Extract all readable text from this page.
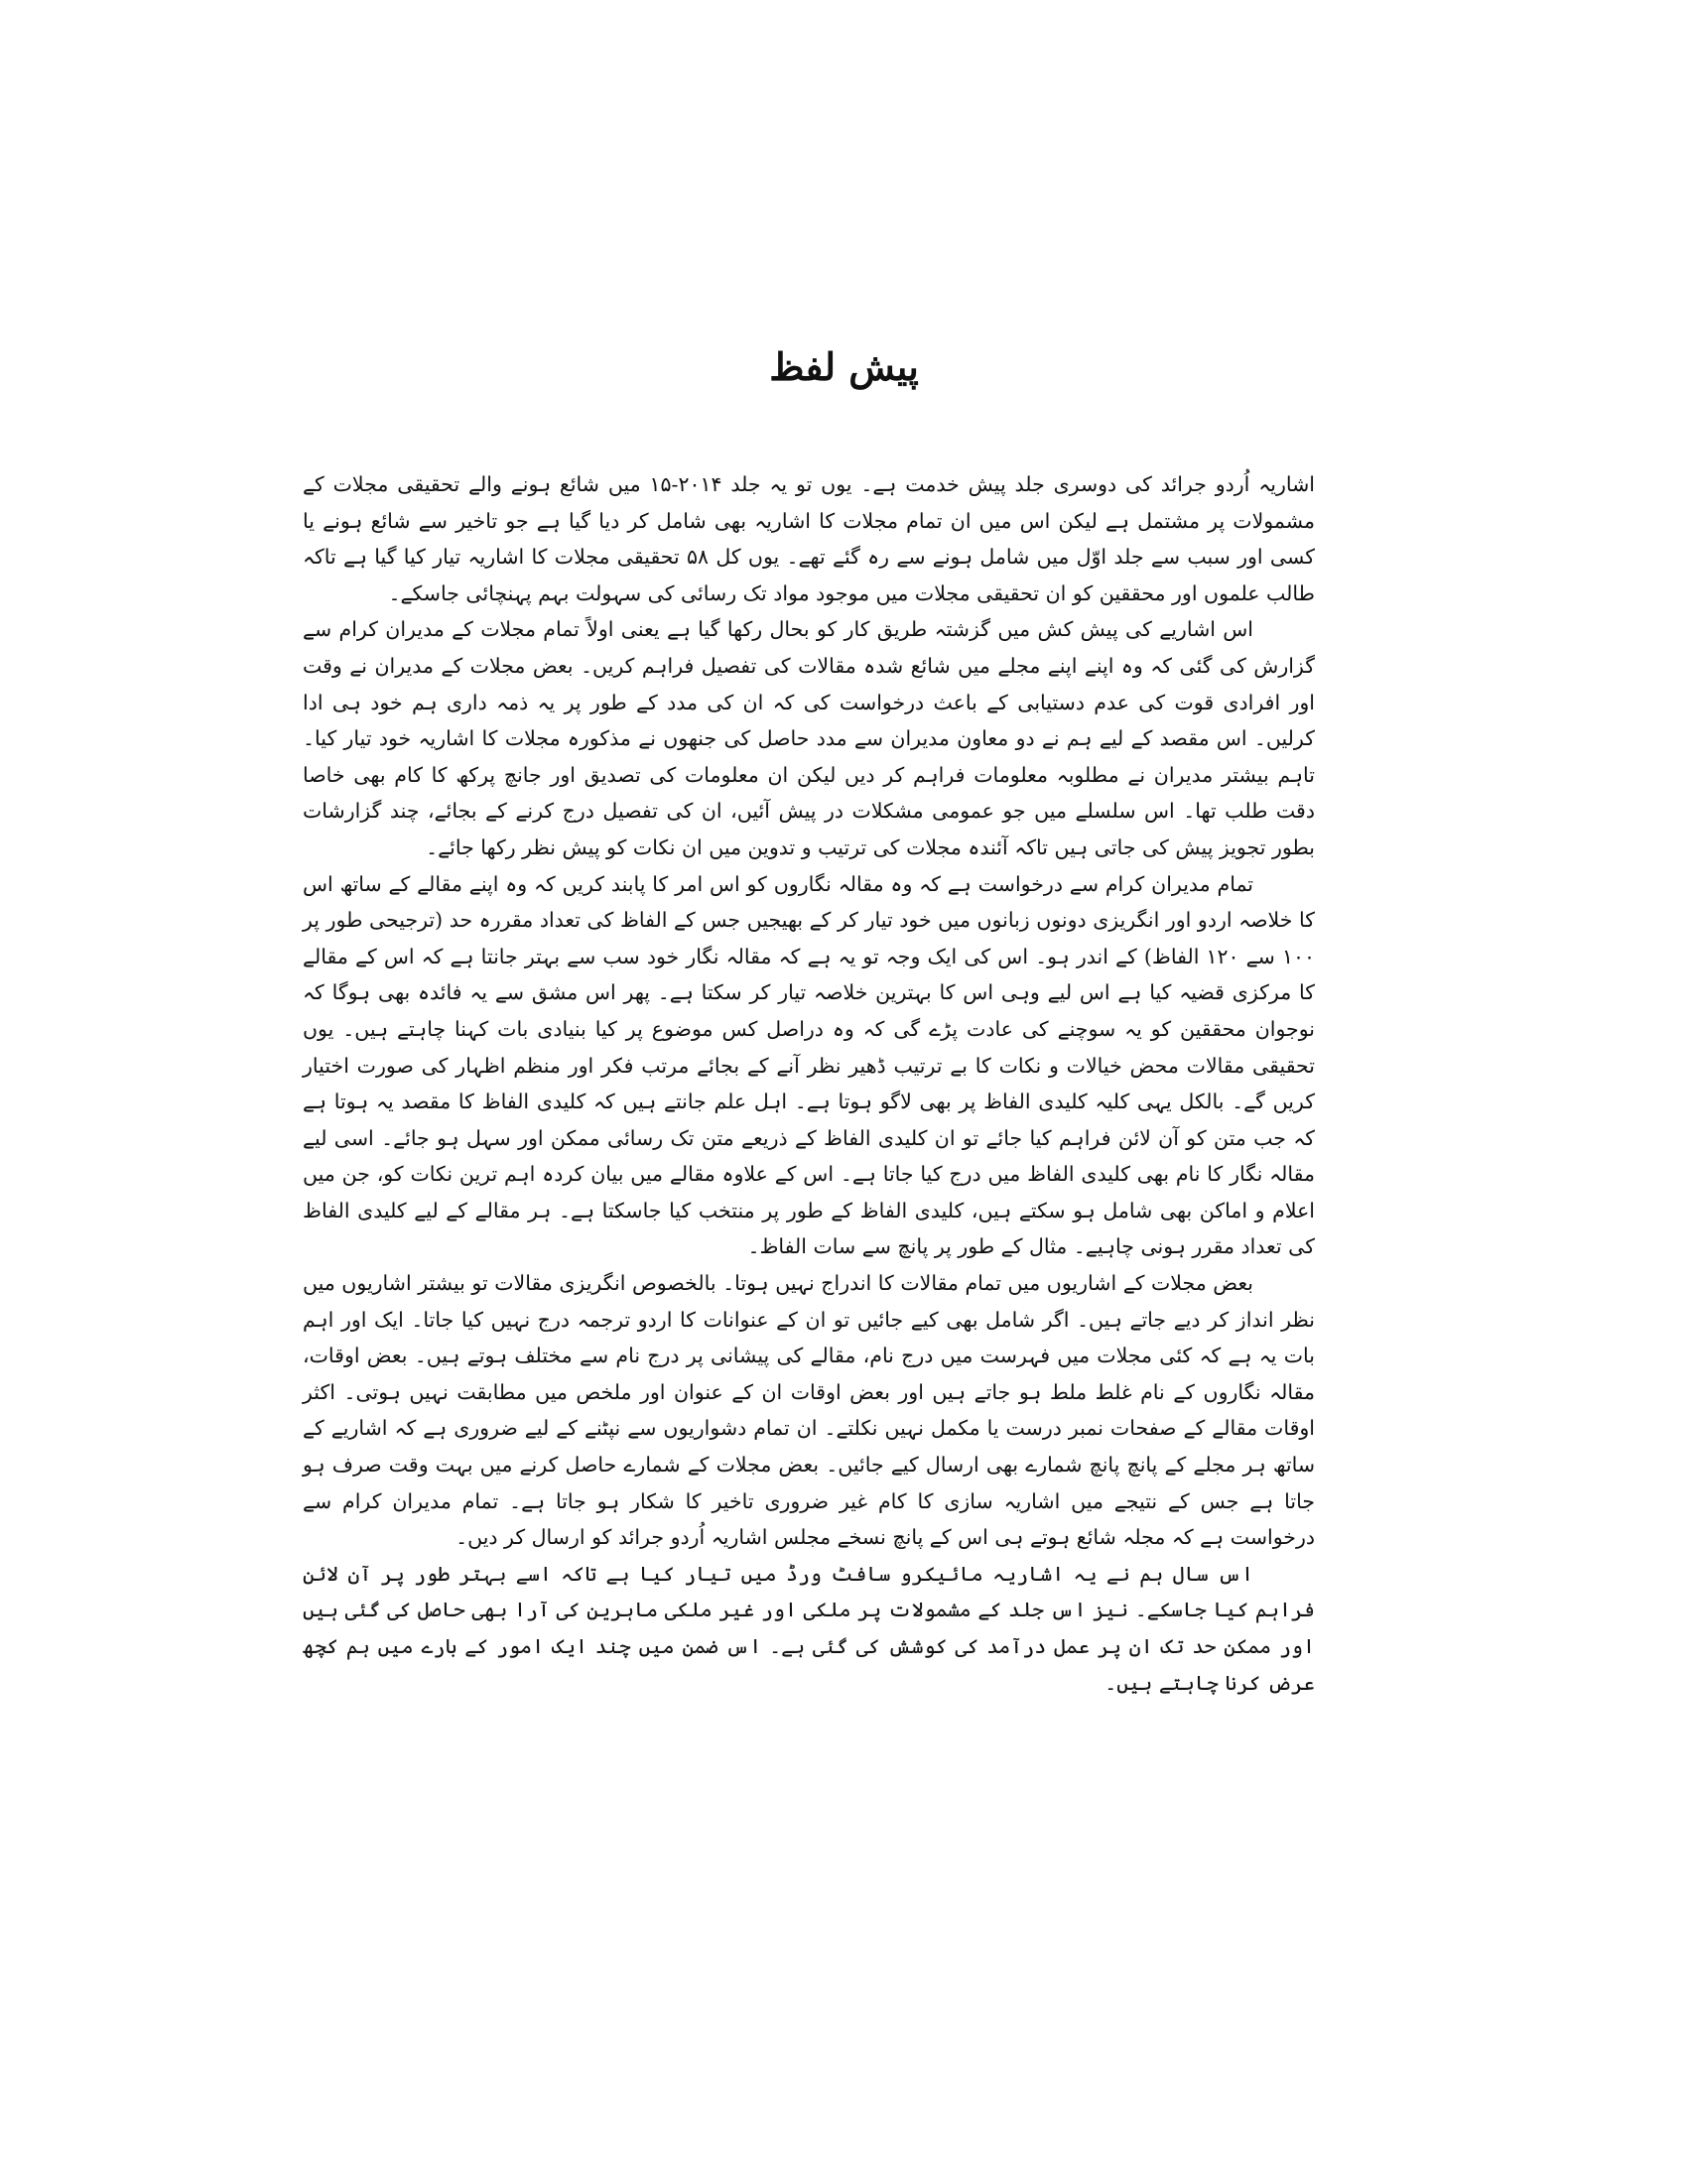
پیش لفظ

اشاریہ اُردو جرائد کی دوسری جلد پیش خدمت ہے۔ یوں تو یہ جلد ۲۰۱۴-۱۵ میں شائع ہونے والے تحقیقی مجلات کے مشمولات پر مشتمل ہے لیکن اس میں ان تمام مجلات کا اشاریہ بھی شامل کر دیا گیا ہے جو تاخیر سے شائع ہونے یا کسی اور سبب سے جلد اوّل میں شامل ہونے سے رہ گئے تھے۔ یوں کل ۵۸ تحقیقی مجلات کا اشاریہ تیار کیا گیا ہے تاکہ طالب علموں اور محققین کو ان تحقیقی مجلات میں موجود مواد تک رسائی کی سہولت بہم پہنچائی جاسکے۔

اس اشاریے کی پیش کش میں گزشتہ طریق کار کو بحال رکھا گیا ہے یعنی اولاً تمام مجلات کے مدیران کرام سے گزارش کی گئی کہ وہ اپنے اپنے مجلے میں شائع شدہ مقالات کی تفصیل فراہم کریں۔ بعض مجلات کے مدیران نے وقت اور افرادی قوت کی عدم دستیابی کے باعث درخواست کی کہ ان کی مدد کے طور پر یہ ذمہ داری ہم خود ہی ادا کرلیں۔ اس مقصد کے لیے ہم نے دو معاون مدیران سے مدد حاصل کی جنھوں نے مذکورہ مجلات کا اشاریہ خود تیار کیا۔ تاہم بیشتر مدیران نے مطلوبہ معلومات فراہم کر دیں لیکن ان معلومات کی تصدیق اور جانچ پرکھ کا کام بھی خاصا دقت طلب تھا۔ اس سلسلے میں جو عمومی مشکلات در پیش آئیں، ان کی تفصیل درج کرنے کے بجائے، چند گزارشات بطور تجویز پیش کی جاتی ہیں تاکہ آئندہ مجلات کی ترتیب و تدوین میں ان نکات کو پیش نظر رکھا جائے۔

تمام مدیران کرام سے درخواست ہے کہ وہ مقالہ نگاروں کو اس امر کا پابند کریں کہ وہ اپنے مقالے کے ساتھ اس کا خلاصہ اردو اور انگریزی دونوں زبانوں میں خود تیار کر کے بھیجیں جس کے الفاظ کی تعداد مقررہ حد (ترجیحی طور پر ۱۰۰ سے ۱۲۰ الفاظ) کے اندر ہو۔ اس کی ایک وجہ تو یہ ہے کہ مقالہ نگار خود سب سے بہتر جانتا ہے کہ اس کے مقالے کا مرکزی قضیہ کیا ہے اس لیے وہی اس کا بہترین خلاصہ تیار کر سکتا ہے۔ پھر اس مشق سے یہ فائدہ بھی ہوگا کہ نوجوان محققین کو یہ سوچنے کی عادت پڑے گی کہ وہ دراصل کس موضوع پر کیا بنیادی بات کہنا چاہتے ہیں۔ یوں تحقیقی مقالات محض خیالات و نکات کا بے ترتیب ڈھیر نظر آنے کے بجائے مرتب فکر اور منظم اظہار کی صورت اختیار کریں گے۔ بالکل یہی کلیہ کلیدی الفاظ پر بھی لاگو ہوتا ہے۔ اہل علم جانتے ہیں کہ کلیدی الفاظ کا مقصد یہ ہوتا ہے کہ جب متن کو آن لائن فراہم کیا جائے تو ان کلیدی الفاظ کے ذریعے متن تک رسائی ممکن اور سہل ہو جائے۔ اسی لیے مقالہ نگار کا نام بھی کلیدی الفاظ میں درج کیا جاتا ہے۔ اس کے علاوہ مقالے میں بیان کردہ اہم ترین نکات کو، جن میں اعلام و اماکن بھی شامل ہو سکتے ہیں، کلیدی الفاظ کے طور پر منتخب کیا جاسکتا ہے۔ ہر مقالے کے لیے کلیدی الفاظ کی تعداد مقرر ہونی چاہیے۔ مثال کے طور پر پانچ سے سات الفاظ۔

بعض مجلات کے اشاریوں میں تمام مقالات کا اندراج نہیں ہوتا۔ بالخصوص انگریزی مقالات تو بیشتر اشاریوں میں نظر انداز کر دیے جاتے ہیں۔ اگر شامل بھی کیے جائیں تو ان کے عنوانات کا اردو ترجمہ درج نہیں کیا جاتا۔ ایک اور اہم بات یہ ہے کہ کئی مجلات میں فہرست میں درج نام، مقالے کی پیشانی پر درج نام سے مختلف ہوتے ہیں۔ بعض اوقات، مقالہ نگاروں کے نام غلط ملط ہو جاتے ہیں اور بعض اوقات ان کے عنوان اور ملخص میں مطابقت نہیں ہوتی۔ اکثر اوقات مقالے کے صفحات نمبر درست یا مکمل نہیں نکلتے۔ ان تمام دشواریوں سے نپٹنے کے لیے ضروری ہے کہ اشاریے کے ساتھ ہر مجلے کے پانچ پانچ شمارے بھی ارسال کیے جائیں۔ بعض مجلات کے شمارے حاصل کرنے میں بہت وقت صرف ہو جاتا ہے جس کے نتیجے میں اشاریہ سازی کا کام غیر ضروری تاخیر کا شکار ہو جاتا ہے۔ تمام مدیران کرام سے درخواست ہے کہ مجلہ شائع ہوتے ہی اس کے پانچ نسخے مجلس اشاریہ اُردو جرائد کو ارسال کر دیں۔

اس سال ہم نے یہ اشاریہ مائیکرو سافٹ ورڈ میں تیار کیا ہے تاکہ اسے بہتر طور پر آن لائن فراہم کیا جاسکے۔ نیز اس جلد کے مشمولات پر ملکی اور غیر ملکی ماہرین کی آرا بھی حاصل کی گئی ہیں اور ممکن حد تک ان پر عمل درآمد کی کوشش کی گئی ہے۔ اس ضمن میں چند ایک امور کے بارے میں ہم کچھ عرض کرنا چاہتے ہیں۔
